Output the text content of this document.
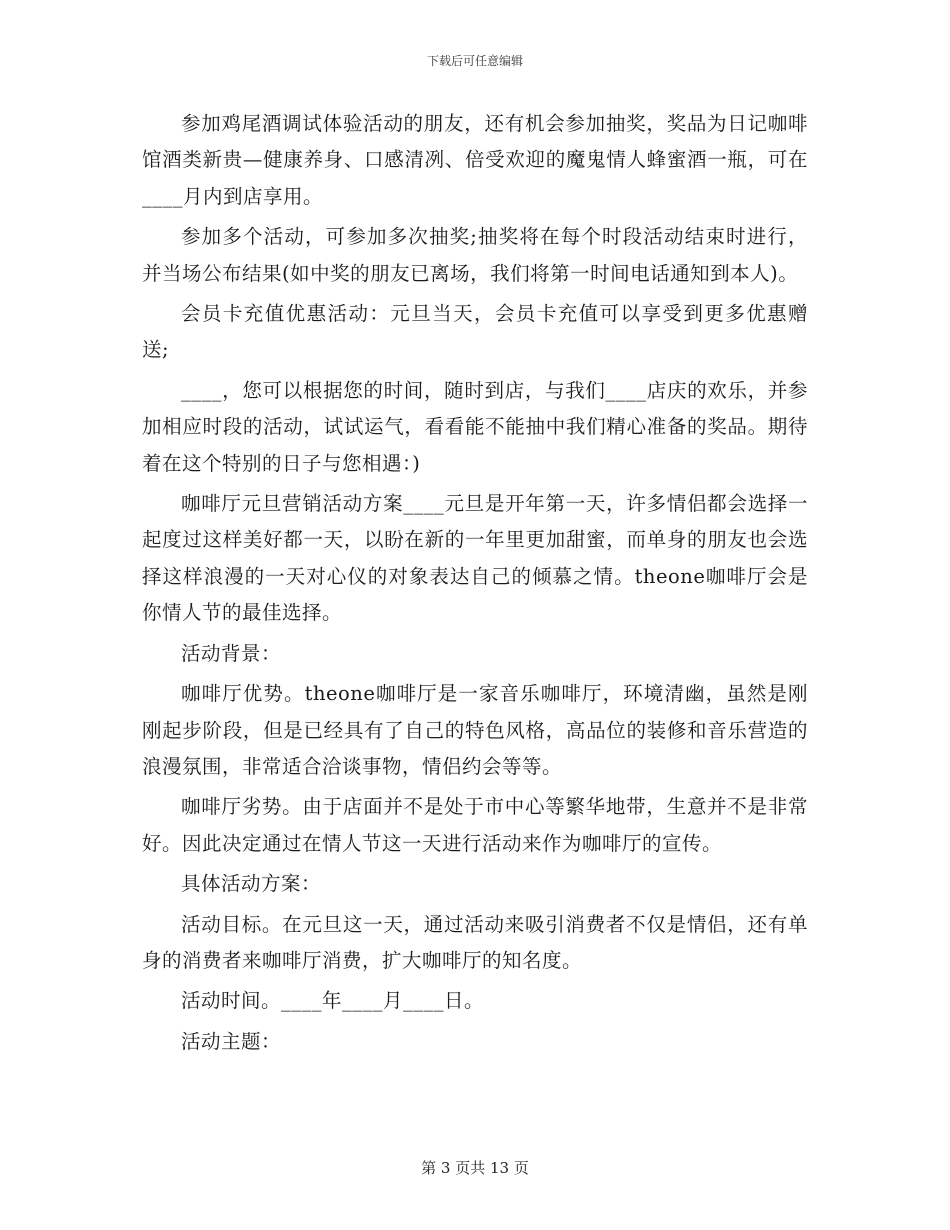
下载后可任意编辑

参加鸡尾酒调试体验活动的朋友，还有机会参加抽奖，奖品为日记咖啡馆酒类新贵—健康养身、口感清冽、倍受欢迎的魔鬼情人蜂蜜酒一瓶，可在____月内到店享用。

参加多个活动，可参加多次抽奖;抽奖将在每个时段活动结束时进行，并当场公布结果(如中奖的朋友已离场，我们将第一时间电话通知到本人)。

会员卡充值优惠活动：元旦当天，会员卡充值可以享受到更多优惠赠送;

____，您可以根据您的时间，随时到店，与我们____店庆的欢乐，并参加相应时段的活动，试试运气，看看能不能抽中我们精心准备的奖品。期待着在这个特别的日子与您相遇：)

咖啡厅元旦营销活动方案____元旦是开年第一天，许多情侣都会选择一起度过这样美好都一天，以盼在新的一年里更加甜蜜，而单身的朋友也会选择这样浪漫的一天对心仪的对象表达自己的倾慕之情。theone咖啡厅会是你情人节的最佳选择。

活动背景：

咖啡厅优势。theone咖啡厅是一家音乐咖啡厅，环境清幽，虽然是刚刚起步阶段，但是已经具有了自己的特色风格，高品位的装修和音乐营造的浪漫氛围，非常适合洽谈事物，情侣约会等等。

咖啡厅劣势。由于店面并不是处于市中心等繁华地带，生意并不是非常好。因此决定通过在情人节这一天进行活动来作为咖啡厅的宣传。

具体活动方案：

活动目标。在元旦这一天，通过活动来吸引消费者不仅是情侣，还有单身的消费者来咖啡厅消费，扩大咖啡厅的知名度。

活动时间。____年____月____日。

活动主题：

第 3 页共 13 页
